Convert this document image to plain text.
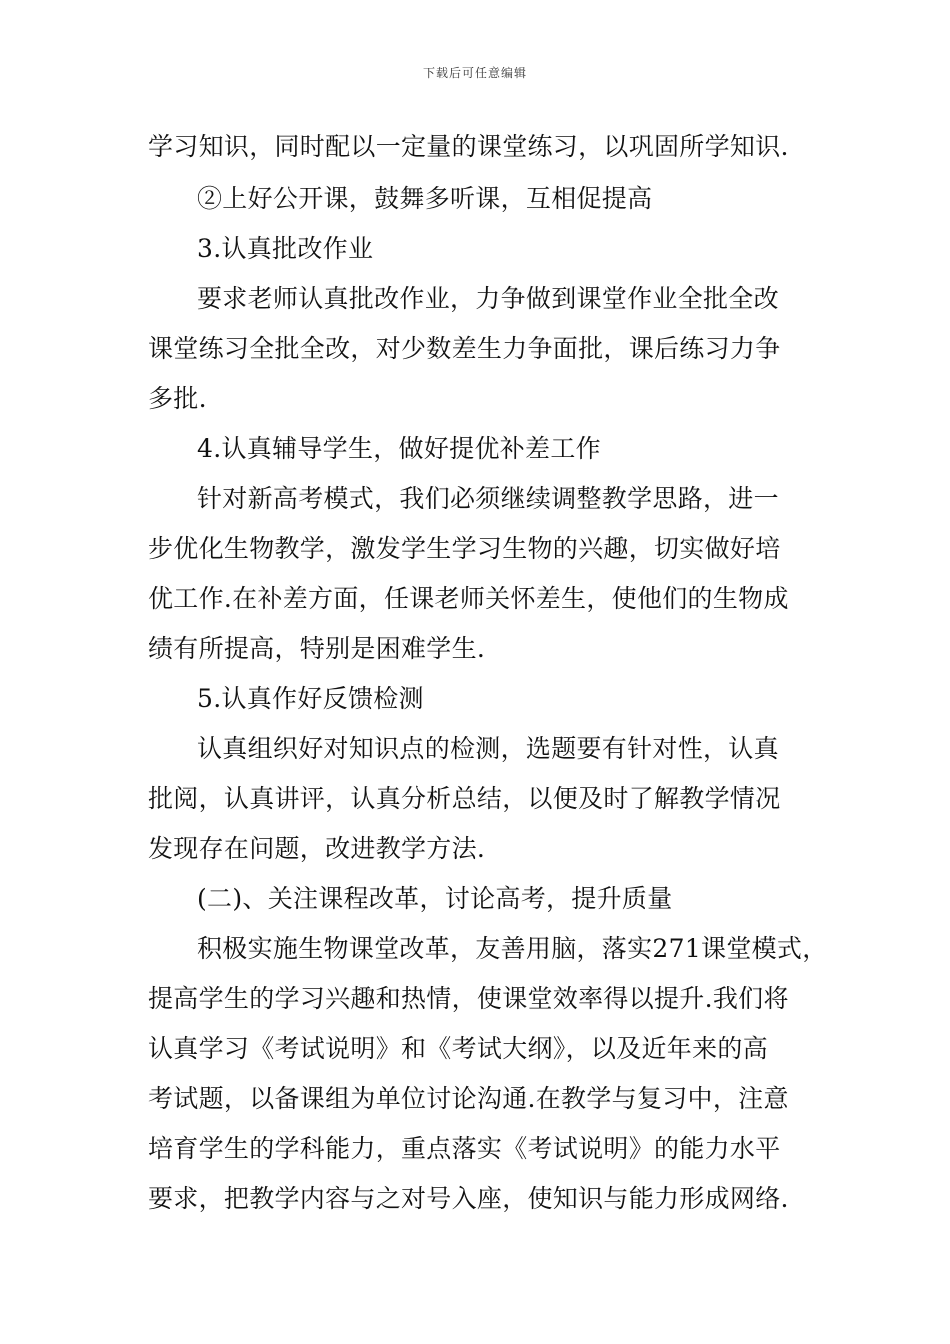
下载后可任意编辑
学习知识，同时配以一定量的课堂练习，以巩固所学知识.
②上好公开课，鼓舞多听课，互相促提高
3.认真批改作业
要求老师认真批改作业，力争做到课堂作业全批全改
课堂练习全批全改，对少数差生力争面批，课后练习力争
多批.
4.认真辅导学生，做好提优补差工作
针对新高考模式，我们必须继续调整教学思路，进一
步优化生物教学，激发学生学习生物的兴趣，切实做好培
优工作.在补差方面，任课老师关怀差生，使他们的生物成
绩有所提高，特别是困难学生.
5.认真作好反馈检测
认真组织好对知识点的检测，选题要有针对性，认真
批阅，认真讲评，认真分析总结，以便及时了解教学情况
发现存在问题，改进教学方法.
(二)、关注课程改革，讨论高考，提升质量
积极实施生物课堂改革，友善用脑，落实271课堂模式，
提高学生的学习兴趣和热情，使课堂效率得以提升.我们将
认真学习《考试说明》和《考试大纲》，以及近年来的高
考试题，以备课组为单位讨论沟通.在教学与复习中，注意
培育学生的学科能力，重点落实《考试说明》的能力水平
要求，把教学内容与之对号入座，使知识与能力形成网络.
